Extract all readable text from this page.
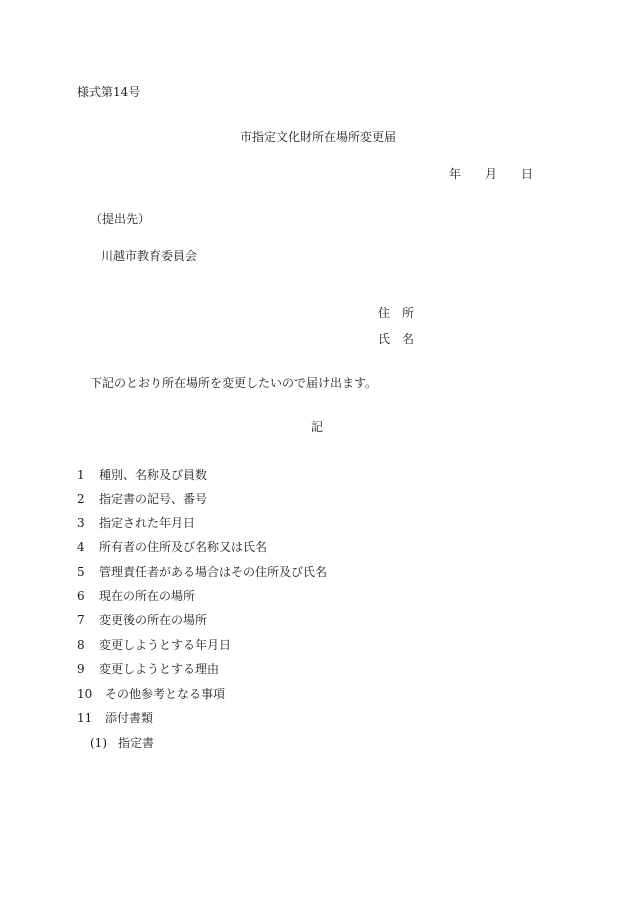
様式第14号
市指定文化財所在場所変更届
年 月 日
（提出先）
川越市教育委員会
住　所
氏　名
下記のとおり所在場所を変更したいので届け出ます。
記
1 種別、名称及び員数
2 指定書の記号、番号
3 指定された年月日
4 所有者の住所及び名称又は氏名
5 管理責任者がある場合はその住所及び氏名
6 現在の所在の場所
7 変更後の所在の場所
8 変更しようとする年月日
9 変更しようとする理由
10 その他参考となる事項
11 添付書類
(1) 指定書
